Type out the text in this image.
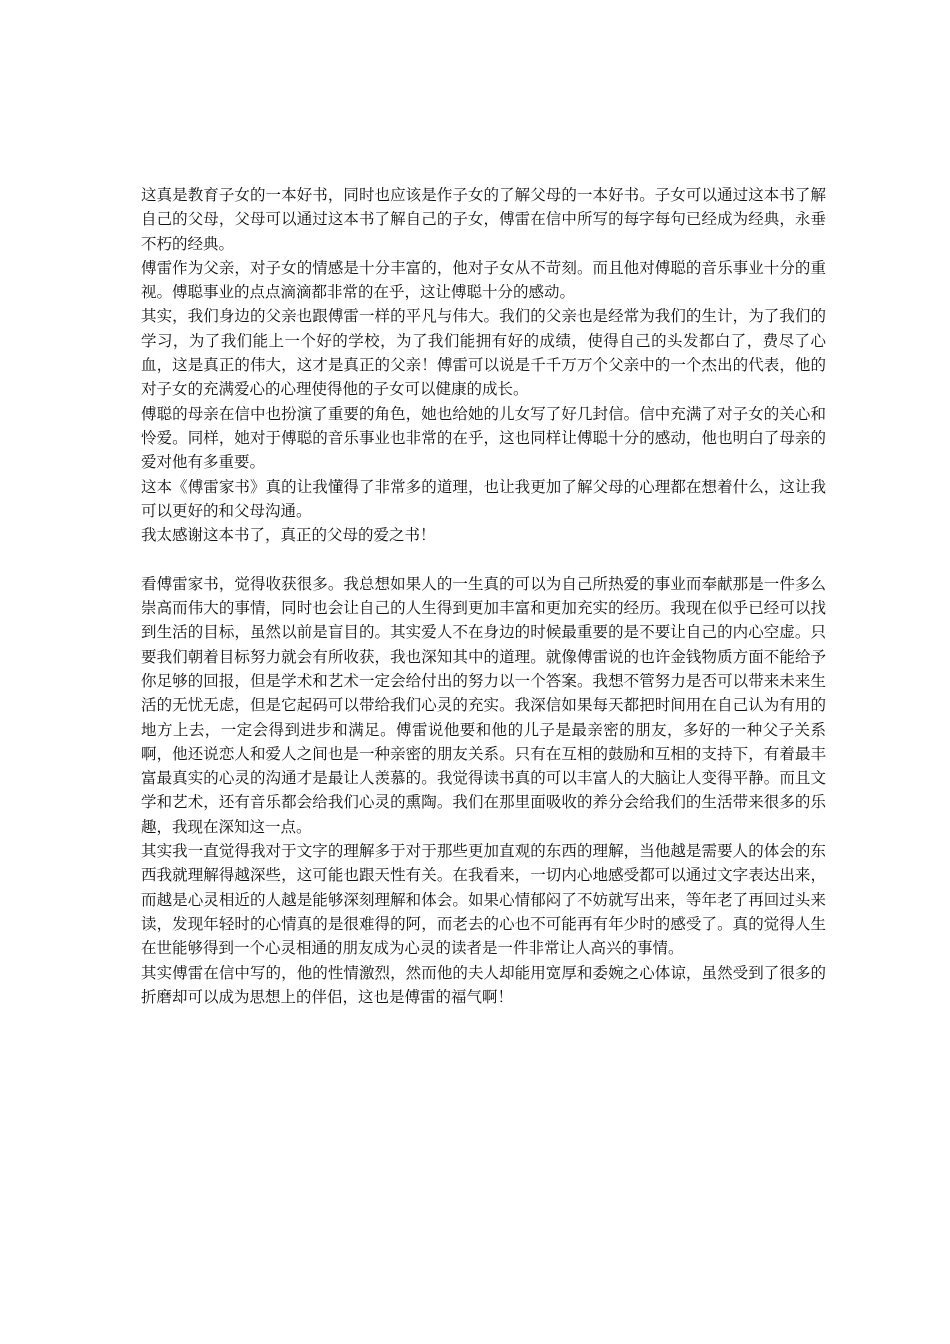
这真是教育子女的一本好书，同时也应该是作子女的了解父母的一本好书。子女可以通过这本书了解自己的父母，父母可以通过这本书了解自己的子女，傅雷在信中所写的每字每句已经成为经典，永垂不朽的经典。

傅雷作为父亲，对子女的情感是十分丰富的，他对子女从不苛刻。而且他对傅聪的音乐事业十分的重视。傅聪事业的点点滴滴都非常的在乎，这让傅聪十分的感动。

其实，我们身边的父亲也跟傅雷一样的平凡与伟大。我们的父亲也是经常为我们的生计，为了我们的学习，为了我们能上一个好的学校，为了我们能拥有好的成绩，使得自己的头发都白了，费尽了心血，这是真正的伟大，这才是真正的父亲！傅雷可以说是千千万万个父亲中的一个杰出的代表，他的对子女的充满爱心的心理使得他的子女可以健康的成长。

傅聪的母亲在信中也扮演了重要的角色，她也给她的儿女写了好几封信。信中充满了对子女的关心和怜爱。同样，她对于傅聪的音乐事业也非常的在乎，这也同样让傅聪十分的感动，他也明白了母亲的爱对他有多重要。

这本《傅雷家书》真的让我懂得了非常多的道理，也让我更加了解父母的心理都在想着什么，这让我可以更好的和父母沟通。

我太感谢这本书了，真正的父母的爱之书！

看傅雷家书，觉得收获很多。我总想如果人的一生真的可以为自己所热爱的事业而奉献那是一件多么崇高而伟大的事情，同时也会让自己的人生得到更加丰富和更加充实的经历。我现在似乎已经可以找到生活的目标，虽然以前是盲目的。其实爱人不在身边的时候最重要的是不要让自己的内心空虚。只要我们朝着目标努力就会有所收获，我也深知其中的道理。就像傅雷说的也许金钱物质方面不能给予你足够的回报，但是学术和艺术一定会给付出的努力以一个答案。我想不管努力是否可以带来未来生活的无忧无虑，但是它起码可以带给我们心灵的充实。我深信如果每天都把时间用在自己认为有用的地方上去，一定会得到进步和满足。傅雷说他要和他的儿子是最亲密的朋友，多好的一种父子关系啊，他还说恋人和爱人之间也是一种亲密的朋友关系。只有在互相的鼓励和互相的支持下，有着最丰富最真实的心灵的沟通才是最让人羡慕的。我觉得读书真的可以丰富人的大脑让人变得平静。而且文学和艺术，还有音乐都会给我们心灵的熏陶。我们在那里面吸收的养分会给我们的生活带来很多的乐趣，我现在深知这一点。

其实我一直觉得我对于文字的理解多于对于那些更加直观的东西的理解，当他越是需要人的体会的东西我就理解得越深些，这可能也跟天性有关。在我看来，一切内心地感受都可以通过文字表达出来，而越是心灵相近的人越是能够深刻理解和体会。如果心情郁闷了不妨就写出来，等年老了再回过头来读，发现年轻时的心情真的是很难得的阿，而老去的心也不可能再有年少时的感受了。真的觉得人生在世能够得到一个心灵相通的朋友成为心灵的读者是一件非常让人高兴的事情。

其实傅雷在信中写的，他的性情激烈，然而他的夫人却能用宽厚和委婉之心体谅，虽然受到了很多的折磨却可以成为思想上的伴侣，这也是傅雷的福气啊！
